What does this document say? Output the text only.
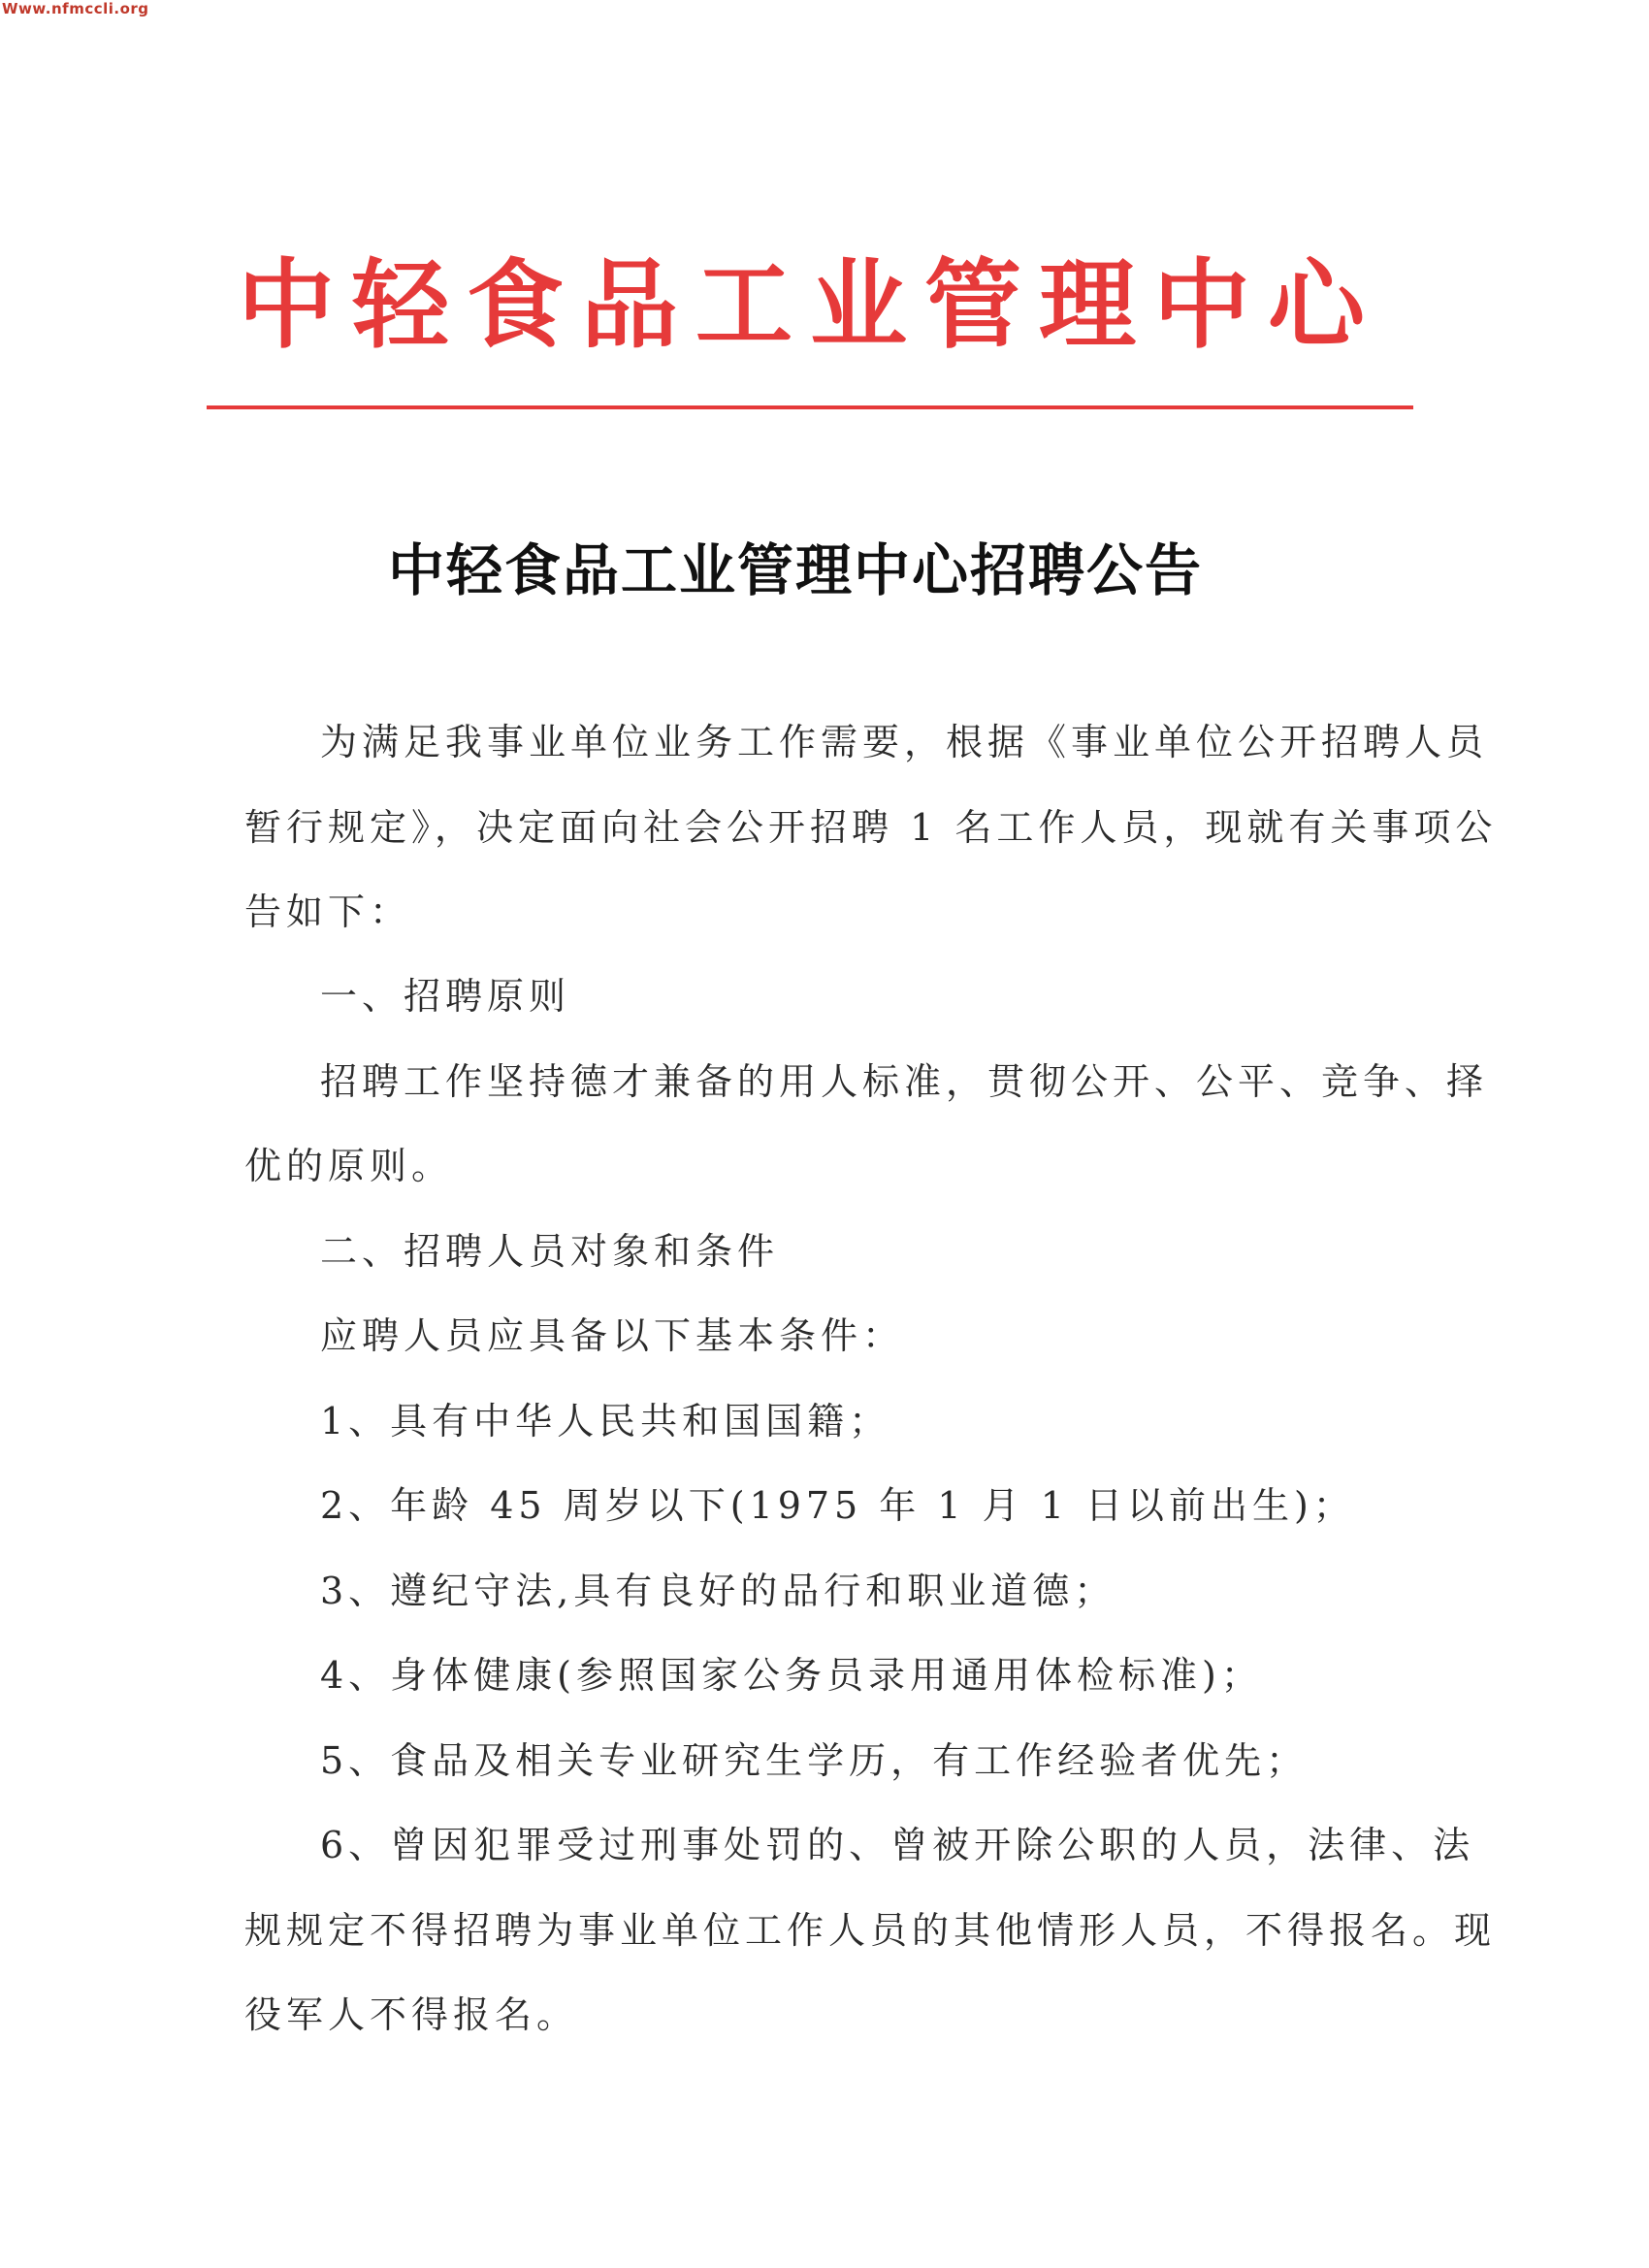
Www.nfmccli.org
中轻食品工业管理中心
中轻食品工业管理中心招聘公告
为满足我事业单位业务工作需要，根据《事业单位公开招聘人员
暂行规定》，决定面向社会公开招聘 1 名工作人员，现就有关事项公
告如下：
一、招聘原则
招聘工作坚持德才兼备的用人标准，贯彻公开、公平、竞争、择
优的原则。
二、招聘人员对象和条件
应聘人员应具备以下基本条件：
1、具有中华人民共和国国籍；
2、年龄 45 周岁以下(1975 年 1 月 1 日以前出生)；
3、遵纪守法,具有良好的品行和职业道德；
4、身体健康(参照国家公务员录用通用体检标准)；
5、食品及相关专业研究生学历，有工作经验者优先；
6、曾因犯罪受过刑事处罚的、曾被开除公职的人员，法律、法
规规定不得招聘为事业单位工作人员的其他情形人员，不得报名。现
役军人不得报名。
